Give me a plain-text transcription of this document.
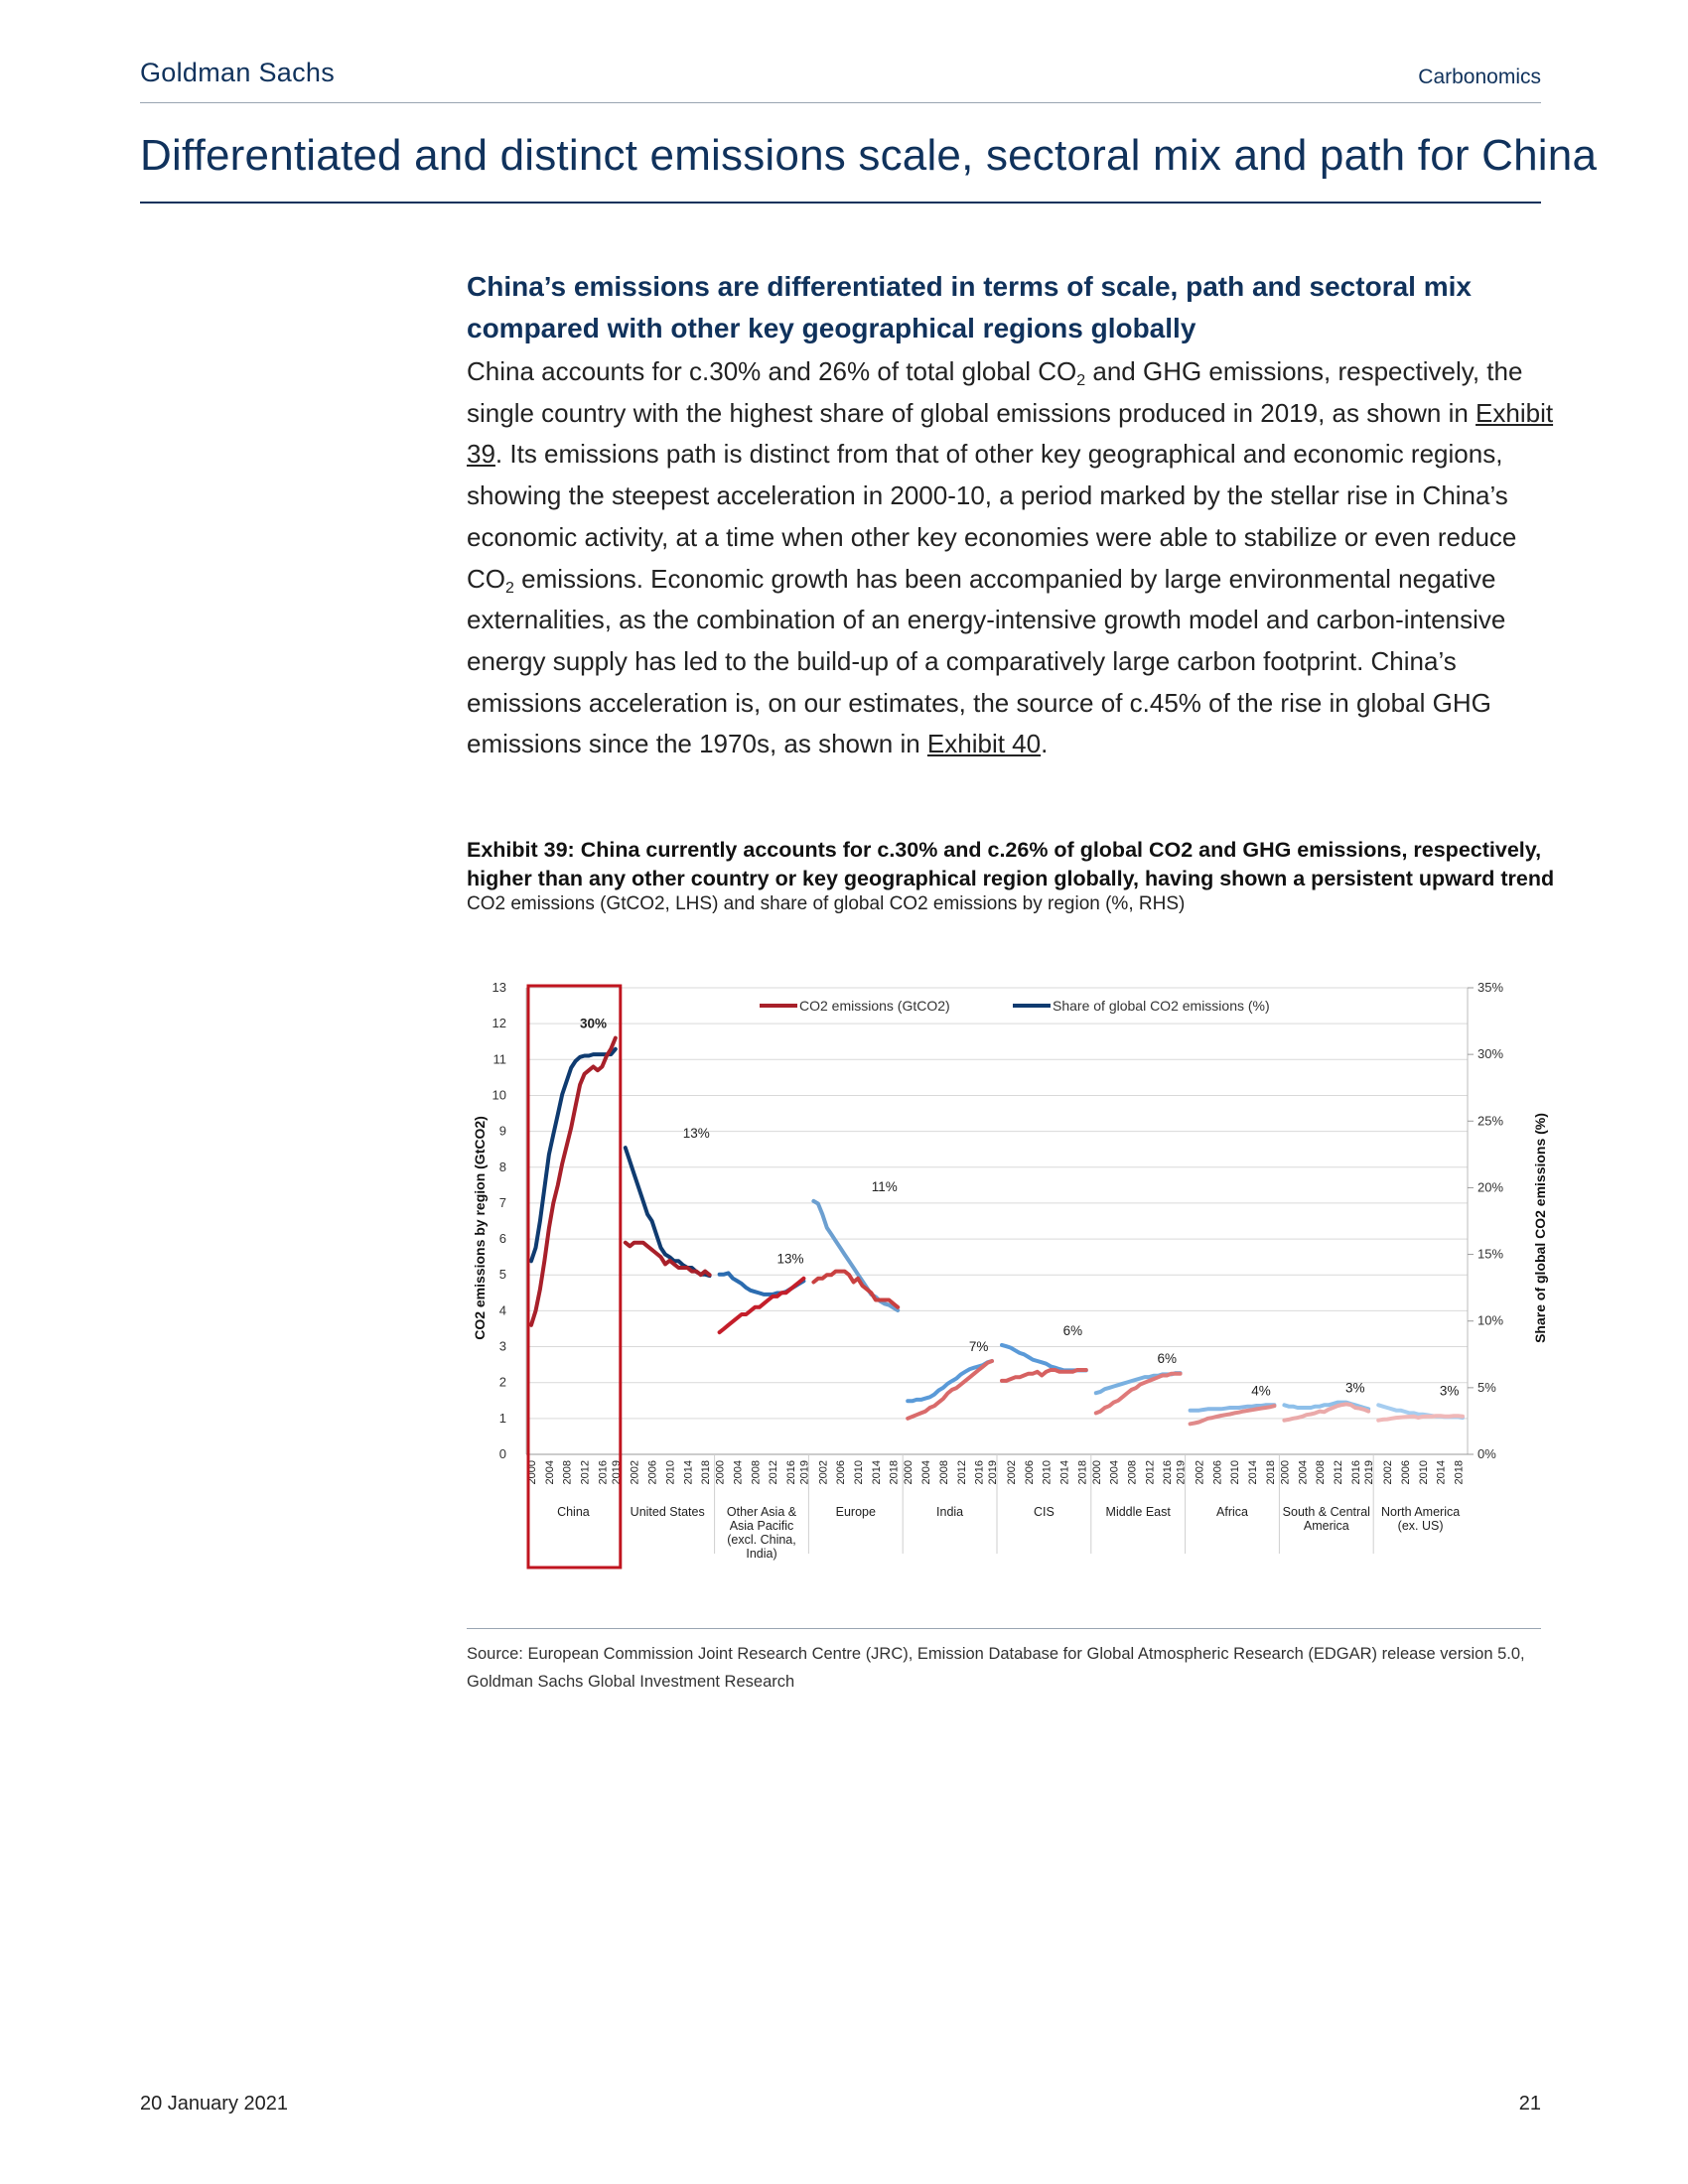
Goldman Sachs	Carbonomics
Differentiated and distinct emissions scale, sectoral mix and path for China
China’s emissions are differentiated in terms of scale, path and sectoral mix compared with other key geographical regions globally
China accounts for c.30% and 26% of total global $CO_2$ and GHG emissions, respectively, the single country with the highest share of global emissions produced in 2019, as shown in Exhibit 39. Its emissions path is distinct from that of other key geographical and economic regions, showing the steepest acceleration in 2000-10, a period marked by the stellar rise in China’s economic activity, at a time when other key economies were able to stabilize or even reduce $CO_2$ emissions. Economic growth has been accompanied by large environmental negative externalities, as the combination of an energy-intensive growth model and carbon-intensive energy supply has led to the build-up of a comparatively large carbon footprint. China’s emissions acceleration is, on our estimates, the source of c.45% of the rise in global GHG emissions since the 1970s, as shown in Exhibit 40.
Exhibit 39: China currently accounts for c.30% and c.26% of global CO2 and GHG emissions, respectively, higher than any other country or key geographical region globally, having shown a persistent upward trend
CO2 emissions (GtCO2, LHS) and share of global CO2 emissions by region (%, RHS)
0
1
2
3
4
5
6
7
8
9
10
11
12
13
0%
5%
10%
15%
20%
25%
30%
35%
30%
13%
13%
11%
7%
6%
6%
4%	3%	3%
2000 2004 2008 2012 2016 2019
China
2002 2006 2010 2014 2018
United States
2000 2004 2008 2012 2016 2019
Other Asia &
Asia Pacific
(excl. China,
India)
2002 2006 2010 2014 2018
Europe
2000 2004 2008 2012 2016 2019
India
2002 2006 2010 2014 2018
CIS
2000 2004 2008 2012 2016 2019
Middle East
2002 2006 2010 2014 2018
Africa
2000 2004 2008 2012 2016 2019
South & Central
America
2002 2006 2010 2014 2018
North America
(ex. US)
CO2 emissions (GtCO2)	Share of global CO2 emissions (%)
CO2 emissions by region (GtCO2)	Share of global CO2 emissions (%)
Source: European Commission Joint Research Centre (JRC), Emission Database for Global Atmospheric Research (EDGAR) release version 5.0, Goldman Sachs Global Investment Research
20 January 2021	21
